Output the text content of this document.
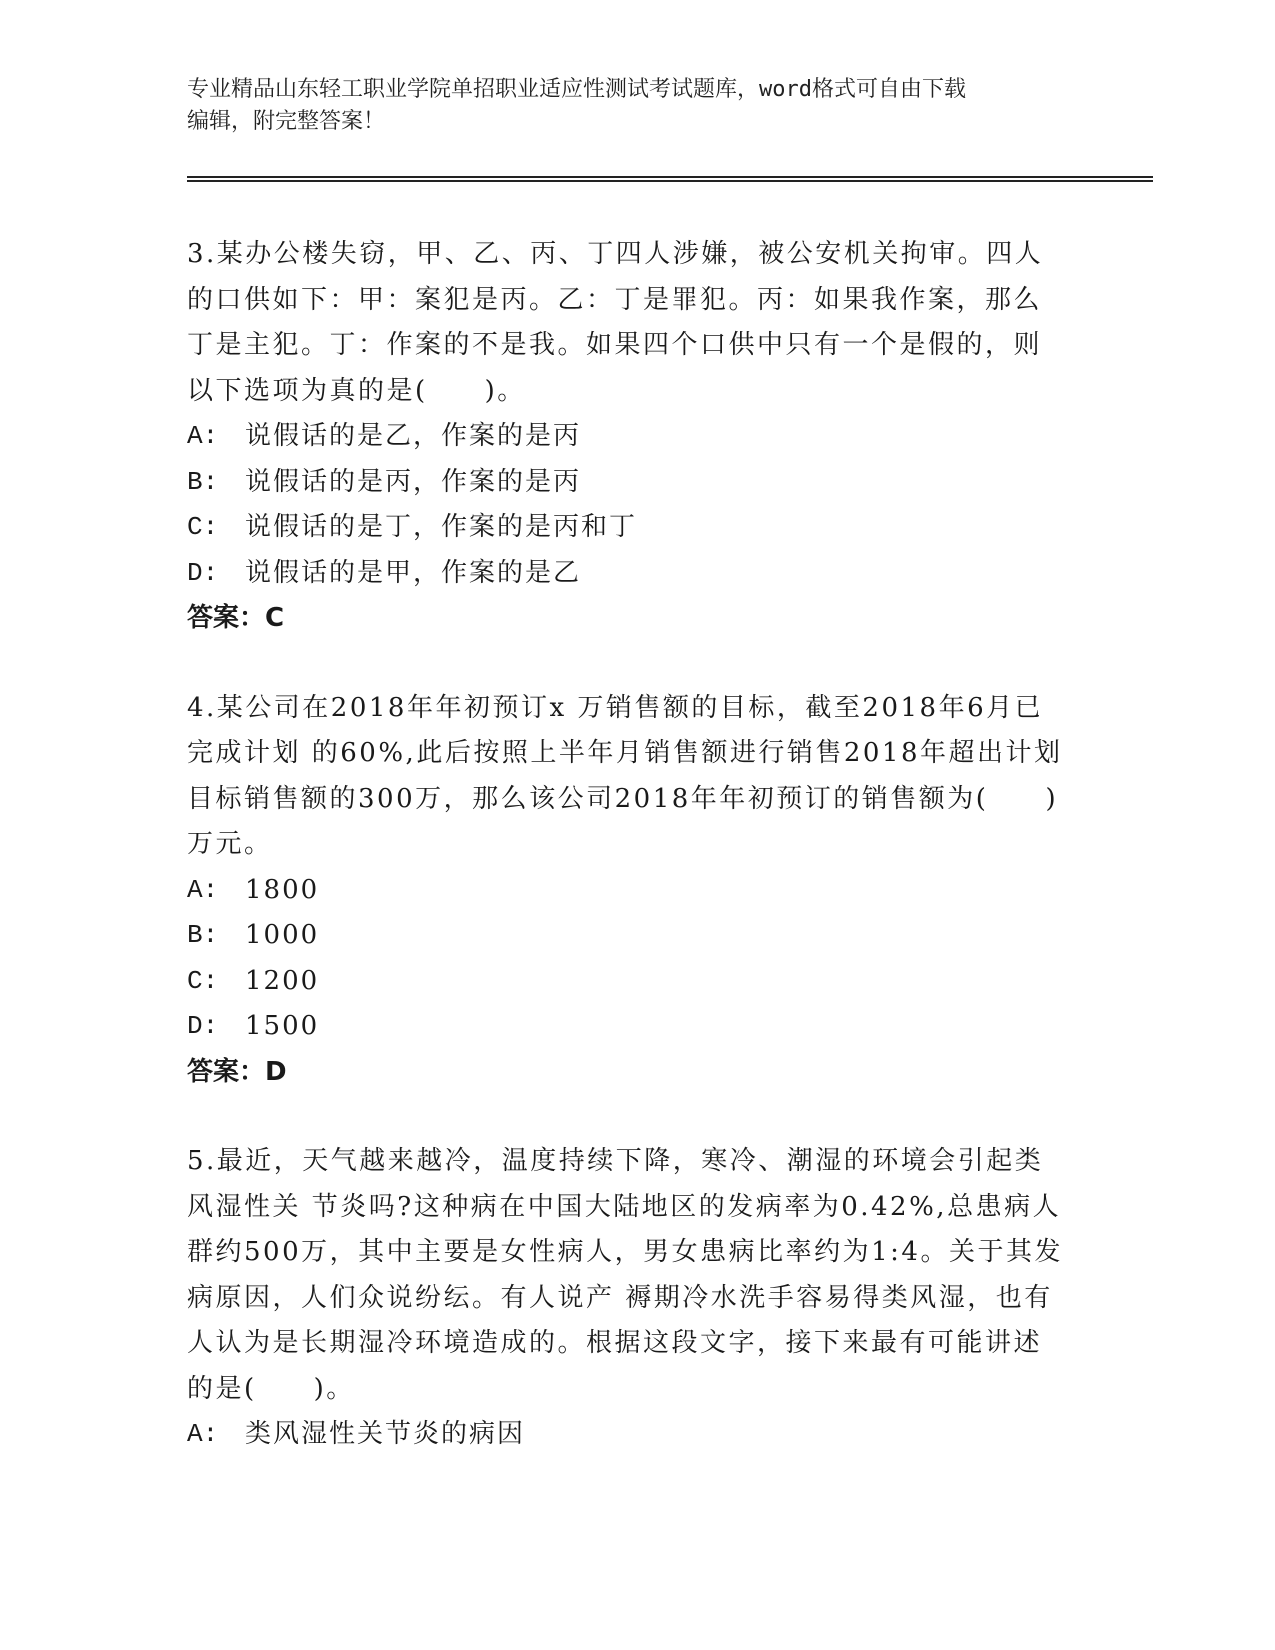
专业精品山东轻工职业学院单招职业适应性测试考试题库，word格式可自由下载
编辑，附完整答案！
3.某办公楼失窃，甲、乙、丙、丁四人涉嫌，被公安机关拘审。四人
的口供如下：甲：案犯是丙。乙：丁是罪犯。丙：如果我作案，那么
丁是主犯。丁：作案的不是我。如果四个口供中只有一个是假的，则
以下选项为真的是(　　)。
A:	说假话的是乙，作案的是丙
B:	说假话的是丙，作案的是丙
C:	说假话的是丁，作案的是丙和丁
D:	说假话的是甲，作案的是乙
答案：C
4.某公司在2018年年初预订x 万销售额的目标，截至2018年6月已
完成计划 的60%,此后按照上半年月销售额进行销售2018年超出计划
目标销售额的300万，那么该公司2018年年初预订的销售额为(　　)
万元。
A:	1800
B:	1000
C:	1200
D:	1500
答案：D
5.最近，天气越来越冷，温度持续下降，寒冷、潮湿的环境会引起类
风湿性关 节炎吗?这种病在中国大陆地区的发病率为0.42%,总患病人
群约500万，其中主要是女性病人，男女患病比率约为1:4。关于其发
病原因，人们众说纷纭。有人说产 褥期冷水洗手容易得类风湿，也有
人认为是长期湿冷环境造成的。根据这段文字，接下来最有可能讲述
的是(　　)。
A:	类风湿性关节炎的病因
